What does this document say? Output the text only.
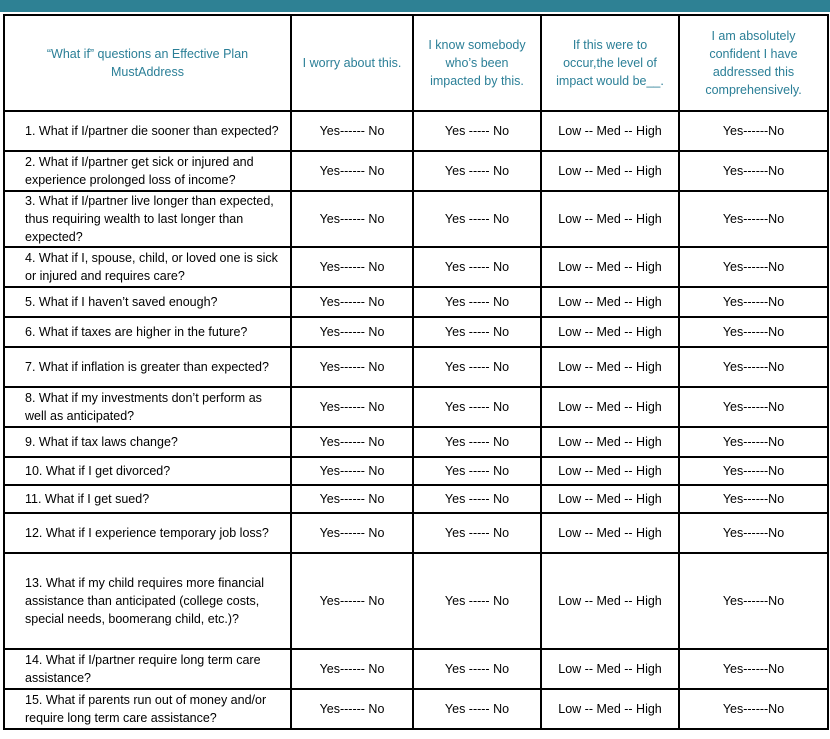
“What if” questions an Effective Plan MustAddress	I worry about this.	I know somebody who’s been impacted by this.	If this were to occur,the level of impact would be__.	I am absolutely confident I have addressed this comprehensively.

1. What if I/partner die sooner than expected?	Yes------ No	Yes ----- No	Low -- Med -- High	Yes------No

2. What if I/partner get sick or injured and experience prolonged loss of income?	Yes------ No	Yes ----- No	Low -- Med -- High	Yes------No

3. What if I/partner live longer than expected, thus requiring wealth to last longer than expected?	Yes------ No	Yes ----- No	Low -- Med -- High	Yes------No

4. What if I, spouse, child, or loved one is sick or injured and requires care?	Yes------ No	Yes ----- No	Low -- Med -- High	Yes------No

5. What if I haven’t saved enough?	Yes------ No	Yes ----- No	Low -- Med -- High	Yes------No

6. What if taxes are higher in the future?	Yes------ No	Yes ----- No	Low -- Med -- High	Yes------No

7. What if inflation is greater than expected?	Yes------ No	Yes ----- No	Low -- Med -- High	Yes------No

8. What if my investments don’t perform as well as anticipated?	Yes------ No	Yes ----- No	Low -- Med -- High	Yes------No

9. What if tax laws change?	Yes------ No	Yes ----- No	Low -- Med -- High	Yes------No

10. What if I get divorced?	Yes------ No	Yes ----- No	Low -- Med -- High	Yes------No

11. What if I get sued?	Yes------ No	Yes ----- No	Low -- Med -- High	Yes------No

12. What if I experience temporary job loss?	Yes------ No	Yes ----- No	Low -- Med -- High	Yes------No

13. What if my child requires more financial assistance than anticipated (college costs, special needs, boomerang child, etc.)?	Yes------ No	Yes ----- No	Low -- Med -- High	Yes------No

14. What if I/partner require long term care assistance?	Yes------ No	Yes ----- No	Low -- Med -- High	Yes------No

15. What if parents run out of money and/or require long term care assistance?	Yes------ No	Yes ----- No	Low -- Med -- High	Yes------No
